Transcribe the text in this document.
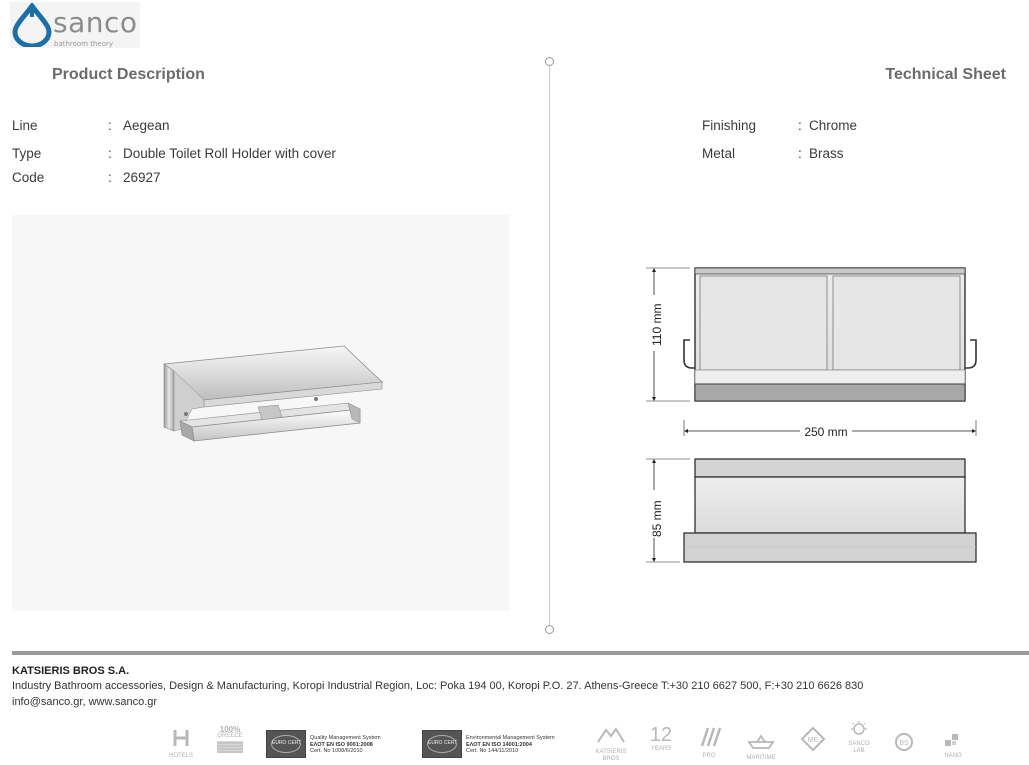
sanco
bathroom theory
Product Description	Technical Sheet
Line	: Aegean
Type	: Double Toilet Roll Holder with cover
Code	: 26927
Finishing	: Chrome
Metal	: Brass
110 mm
250 mm
85 mm
KATSIERIS BROS S.A.
Industry Bathroom accessories, Design & Manufacturing, Koropi Industrial Region, Loc: Poka 194 00, Koropi P.O. 27. Athens-Greece T:+30 210 6627 500, F:+30 210 6626 830
info@sanco.gr, www.sanco.gr
HOTELS
100%
GREECE
EURO CERT
Quality Management System
ΕΛΟΤ EN ISO 9001:2008
Cert. No 1008/6/2010
EURO CERT
Environmental Management System
ΕΛΟΤ EN ISO 14001:2004
Cert. No 144/11/2010	KATSIERIS BROS
12
YEARS
PRO	MARITIME
ME	SANCO LAB
BS
NANO
